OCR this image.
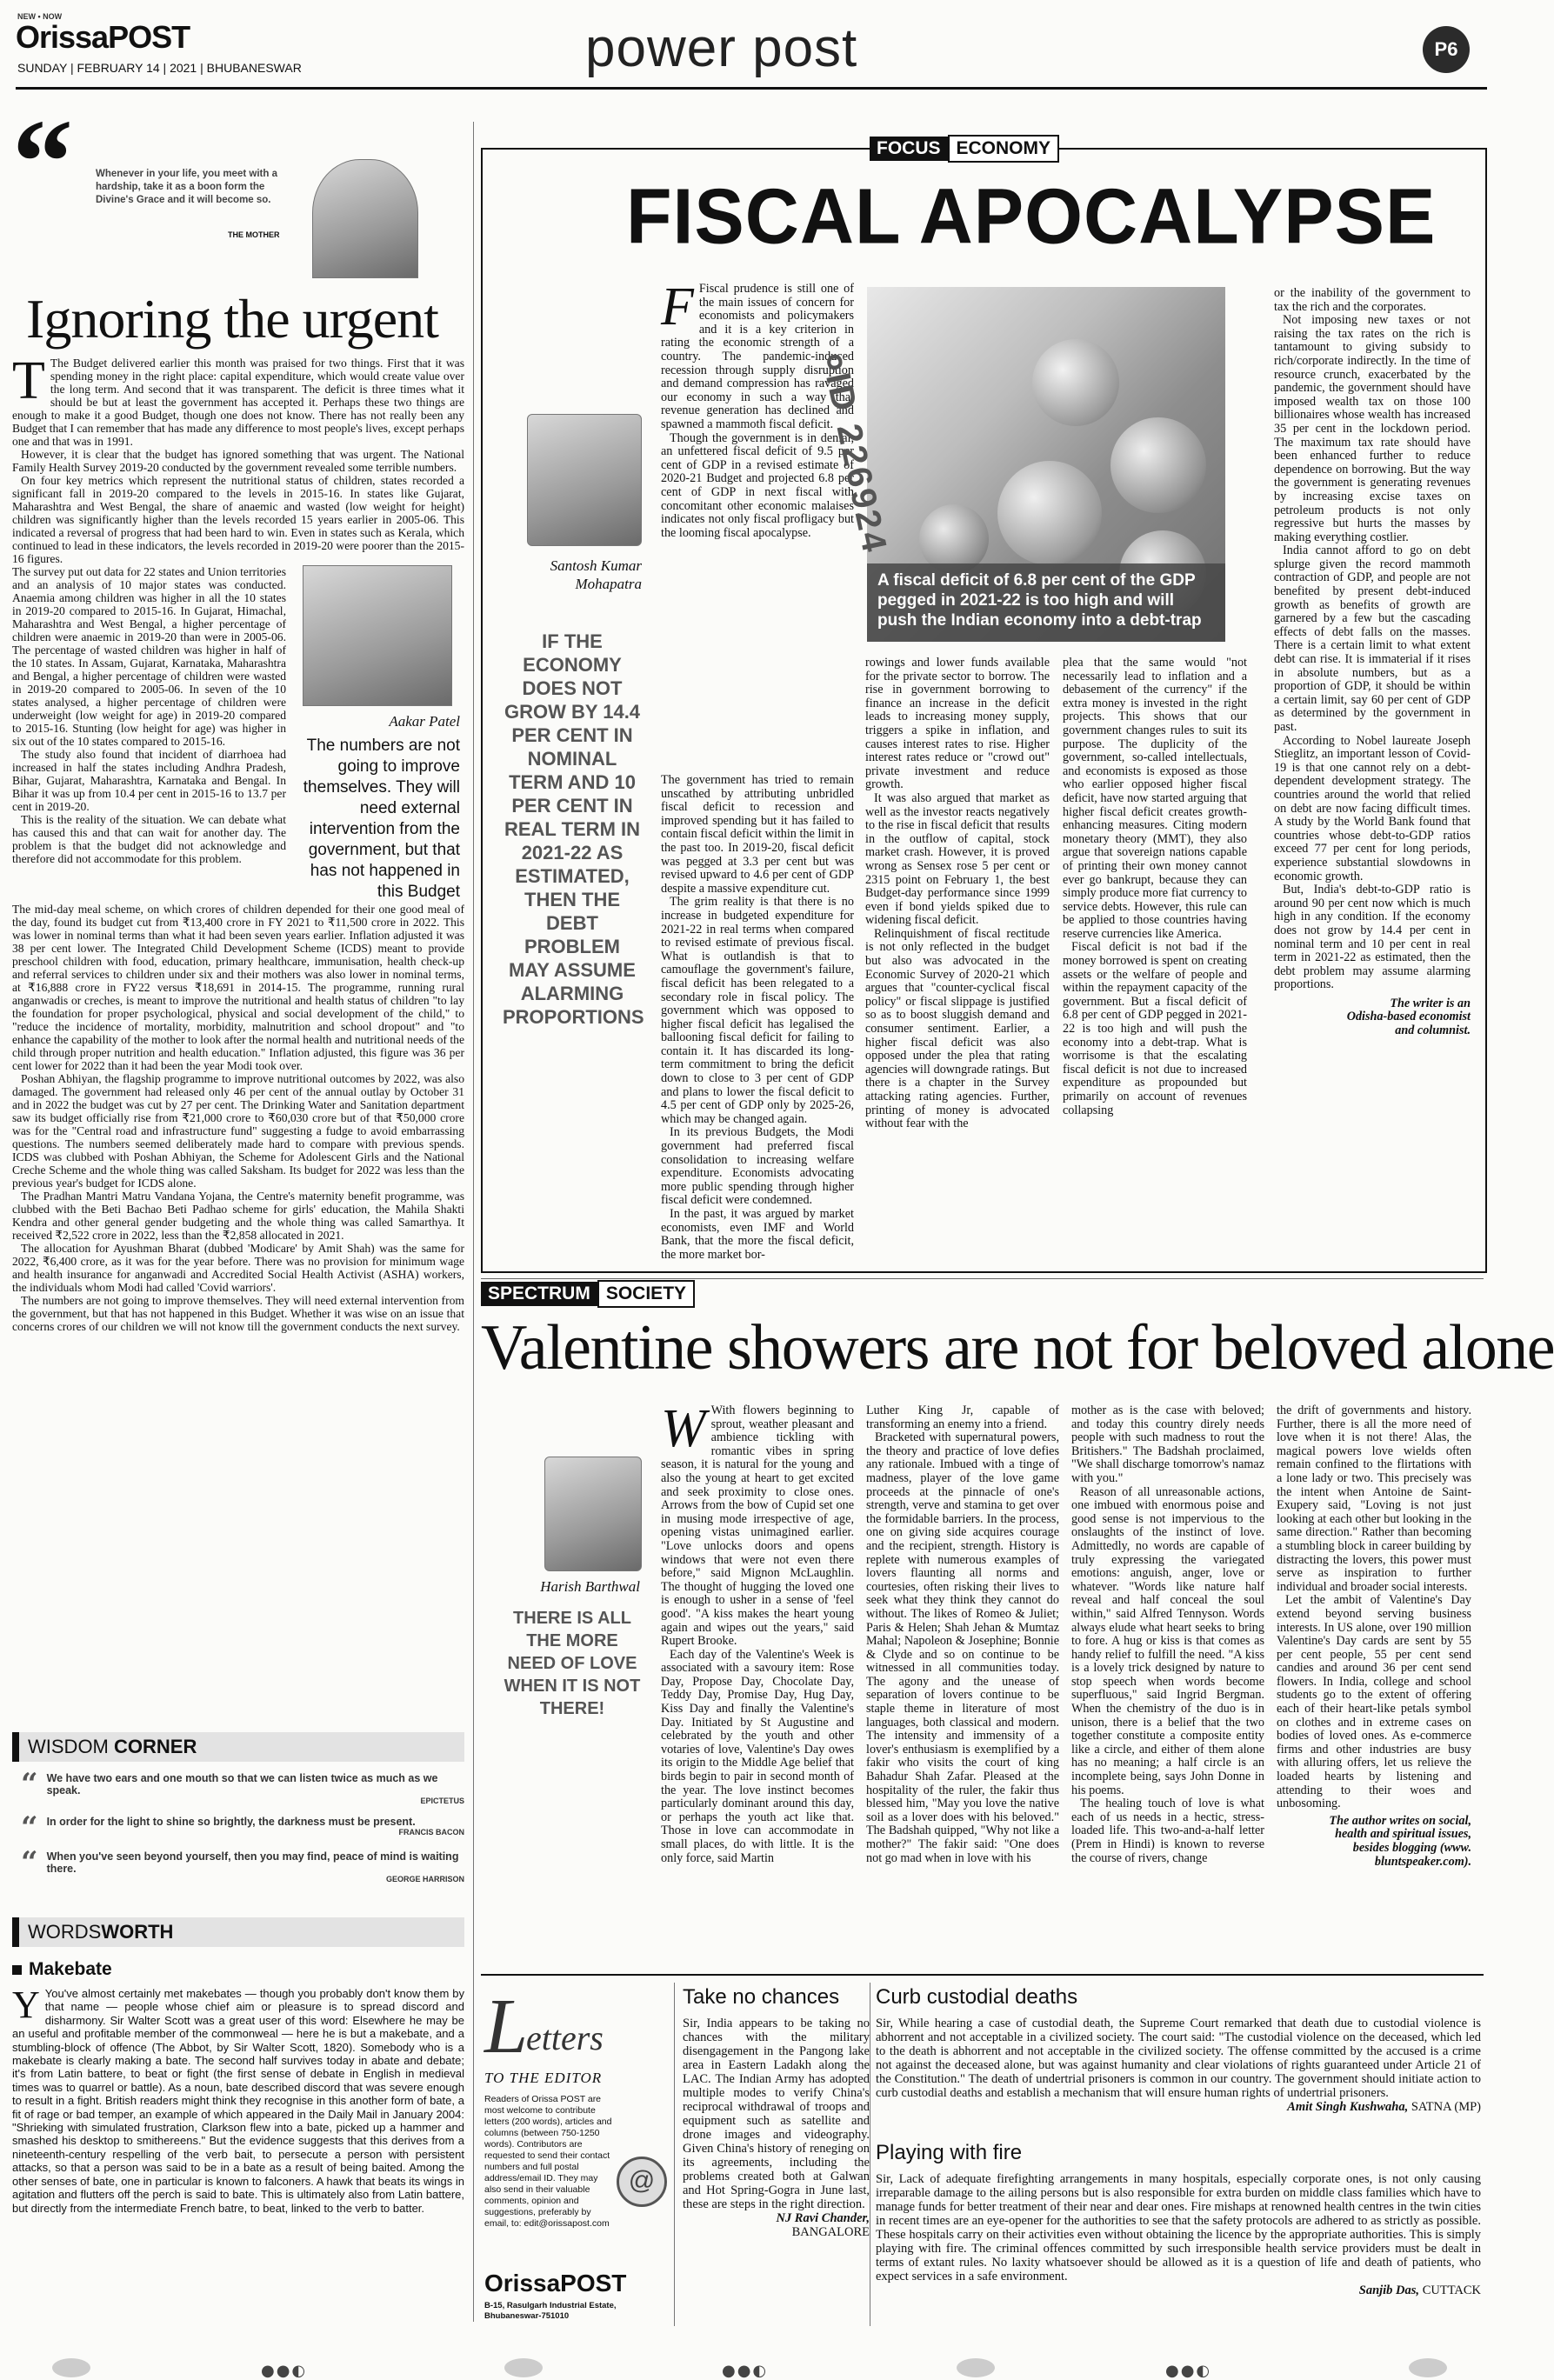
NEW • NOW
OrissaPOST
SUNDAY | FEBRUARY 14 | 2021 | BHUBANESWAR	power post	P6
“ Whenever in your life, you meet with a hardship, take it as a boon form the Divine's Grace and it will become so.
THE MOTHER
Ignoring the urgent

T The Budget delivered earlier this month was praised for two things. First that it was spending money in the right place: capital expenditure, which would create value over the long term. And second that it was transparent. The deficit is three times what it should be but at least the government has accepted it. Perhaps these two things are enough to make it a good Budget, though one does not know. There has not really been any Budget that I can remember that has made any difference to most people's lives, except perhaps one and that was in 1991.

However, it is clear that the budget has ignored something that was urgent. The National Family Health Survey 2019-20 conducted by the government revealed some terrible numbers.

On four key metrics which represent the nutritional status of children, states recorded a significant fall in 2019-20 compared to the levels in 2015-16. In states like Gujarat, Maharashtra and West Bengal, the share of anaemic and wasted (low weight for height) children was significantly higher than the levels recorded 15 years earlier in 2005-06. This indicated a reversal of progress that had been hard to win. Even in states such as Kerala, which continued to lead in these indicators, the levels recorded in 2019-20 were poorer than the 2015-16 figures.

The survey put out data for 22 states and Union territories and an analysis of 10 major states was conducted. Anaemia among children was higher in all the 10 states in 2019-20 compared to 2015-16. In Gujarat, Himachal, Maharashtra and West Bengal, a higher percentage of children were anaemic in 2019-20 than were in 2005-06. The percentage of wasted children was higher in half of the 10 states. In Assam, Gujarat, Karnataka, Maharashtra and Bengal, a higher percentage of children were wasted in 2019-20 compared to 2005-06. In seven of the 10 states analysed, a higher percentage of children were underweight (low weight for age) in 2019-20 compared to 2015-16. Stunting (low height for age) was higher in six out of the 10 states compared to 2015-16.

The study also found that incident of diarrhoea had increased in half the states including Andhra Pradesh, Bihar, Gujarat, Maharashtra, Karnataka and Bengal. In Bihar it was up from 10.4 per cent in 2015-16 to 13.7 per cent in 2019-20.

This is the reality of the situation. We can debate what has caused this and that can wait for another day. The problem is that the budget did not acknowledge and therefore did not accommodate for this problem.

Aakar Patel
The numbers are not going to improve themselves. They will need external intervention from the government, but that has not happened in this Budget

The mid-day meal scheme, on which crores of children depended for their one good meal of the day, found its budget cut from ₹13,400 crore in FY 2021 to ₹11,500 crore in 2022. This was lower in nominal terms than what it had been seven years earlier. Inflation adjusted it was 38 per cent lower. The Integrated Child Development Scheme (ICDS) meant to provide preschool children with food, education, primary healthcare, immunisation, health check-up and referral services to children under six and their mothers was also lower in nominal terms, at ₹16,888 crore in FY22 versus ₹18,691 in 2014-15. The programme, running rural anganwadis or creches, is meant to improve the nutritional and health status of children "to lay the foundation for proper psychological, physical and social development of the child," to "reduce the incidence of mortality, morbidity, malnutrition and school dropout" and "to enhance the capability of the mother to look after the normal health and nutritional needs of the child through proper nutrition and health education." Inflation adjusted, this figure was 36 per cent lower for 2022 than it had been the year Modi took over.

Poshan Abhiyan, the flagship programme to improve nutritional outcomes by 2022, was also damaged. The government had released only 46 per cent of the annual outlay by October 31 and in 2022 the budget was cut by 27 per cent. The Drinking Water and Sanitation department saw its budget officially rise from ₹21,000 crore to ₹60,030 crore but of that ₹50,000 crore was for the "Central road and infrastructure fund" suggesting a fudge to avoid embarrassing questions. The numbers seemed deliberately made hard to compare with previous spends. ICDS was clubbed with Poshan Abhiyan, the Scheme for Adolescent Girls and the National Creche Scheme and the whole thing was called Saksham. Its budget for 2022 was less than the previous year's budget for ICDS alone.

The Pradhan Mantri Matru Vandana Yojana, the Centre's maternity benefit programme, was clubbed with the Beti Bachao Beti Padhao scheme for girls' education, the Mahila Shakti Kendra and other general gender budgeting and the whole thing was called Samarthya. It received ₹2,522 crore in 2022, less than the ₹2,858 allocated in 2021.

The allocation for Ayushman Bharat (dubbed 'Modicare' by Amit Shah) was the same for 2022, ₹6,400 crore, as it was for the year before. There was no provision for minimum wage and health insurance for anganwadi and Accredited Social Health Activist (ASHA) workers, the individuals whom Modi had called 'Covid warriors'.

The numbers are not going to improve themselves. They will need external intervention from the government, but that has not happened in this Budget. Whether it was wise on an issue that concerns crores of our children we will not know till the government conducts the next survey.

WISDOM CORNER
“ We have two ears and one mouth so that we can listen twice as much as we speak.
EPICTETUS
“ In order for the light to shine so brightly, the darkness must be present.
FRANCIS BACON
“ When you've seen beyond yourself, then you may find, peace of mind is waiting there.
GEORGE HARRISON
WORDSWORTH
Makebate
Y You've almost certainly met makebates — though you probably don't know them by that name — people whose chief aim or pleasure is to spread discord and disharmony. Sir Walter Scott was a great user of this word: Elsewhere he may be an useful and profitable member of the commonweal — here he is but a makebate, and a stumbling-block of offence (The Abbot, by Sir Walter Scott, 1820). Somebody who is a makebate is clearly making a bate. The second half survives today in abate and debate; it's from Latin battere, to beat or fight (the first sense of debate in English in medieval times was to quarrel or battle). As a noun, bate described discord that was severe enough to result in a fight. British readers might think they recognise in this another form of bate, a fit of rage or bad temper, an example of which appeared in the Daily Mail in January 2004: "Shrieking with simulated frustration, Clarkson flew into a bate, picked up a hammer and smashed his desktop to smithereens." But the evidence suggests that this derives from a nineteenth-century respelling of the verb bait, to persecute a person with persistent attacks, so that a person was said to be in a bate as a result of being baited. Among the other senses of bate, one in particular is known to falconers. A hawk that beats its wings in agitation and flutters off the perch is said to bate. This is ultimately also from Latin battere, but directly from the intermediate French batre, to beat, linked to the verb to batter.
FOCUS ECONOMY
FISCAL APOCALYPSE
Santosh Kumar
Mohapatra
IF THE ECONOMY DOES NOT GROW BY 14.4 PER CENT IN NOMINAL TERM AND 10 PER CENT IN REAL TERM IN 2021-22 AS ESTIMATED, THEN THE DEBT PROBLEM MAY ASSUME ALARMING PROPORTIONS

F Fiscal prudence is still one of the main issues of concern for economists and policymakers and it is a key criterion in rating the economic strength of a country. The pandemic-induced recession through supply disruption and demand compression has ravaged our economy in such a way that revenue generation has declined and spawned a mammoth fiscal deficit.

Though the government is in denial, an unfettered fiscal deficit of 9.5 per cent of GDP in a revised estimate of 2020-21 Budget and projected 6.8 per cent of GDP in next fiscal with concomitant other economic malaises indicates not only fiscal profligacy but the looming fiscal apocalypse. ०ID 226924
A fiscal deficit of 6.8 per cent of the GDP pegged in 2021-22 is too high and will push the Indian economy into a debt-trap

or the inability of the government to tax the rich and the corporates.

Not imposing new taxes or not raising the tax rates on the rich is tantamount to giving subsidy to rich/corporate indirectly. In the time of resource crunch, exacerbated by the pandemic, the government should have imposed wealth tax on those 100 billionaires whose wealth has increased 35 per cent in the lockdown period. The maximum tax rate should have been enhanced further to reduce dependence on borrowing. But the way the government is generating revenues by increasing excise taxes on petroleum products is not only regressive but hurts the masses by making everything costlier.

India cannot afford to go on debt splurge given the record mammoth contraction of GDP, and people are not benefited by present debt-induced growth as benefits of growth are garnered by a few but the cascading effects of debt falls on the masses. There is a certain limit to what extent debt can rise. It is immaterial if it rises in absolute numbers, but as a proportion of GDP, it should be within a certain limit, say 60 per cent of GDP as determined by the government in past.

According to Nobel laureate Joseph Stieglitz, an important lesson of Covid-19 is that one cannot rely on a debt-dependent development strategy. The countries around the world that relied on debt are now facing difficult times. A study by the World Bank found that countries whose debt-to-GDP ratios exceed 77 per cent for long periods, experience substantial slowdowns in economic growth.

But, India's debt-to-GDP ratio is around 90 per cent now which is much high in any condition. If the economy does not grow by 14.4 per cent in nominal term and 10 per cent in real term in 2021-22 as estimated, then the debt problem may assume alarming proportions.

The writer is an
Odisha-based economist
and columnist.

The government has tried to remain unscathed by attributing unbridled fiscal deficit to recession and improved spending but it has failed to contain fiscal deficit within the limit in the past too. In 2019-20, fiscal deficit was pegged at 3.3 per cent but was revised upward to 4.6 per cent of GDP despite a massive expenditure cut.

The grim reality is that there is no increase in budgeted expenditure for 2021-22 in real terms when compared to revised estimate of previous fiscal. What is outlandish is that to camouflage the government's failure, fiscal deficit has been relegated to a secondary role in fiscal policy. The government which was opposed to higher fiscal deficit has legalised the ballooning fiscal deficit for failing to contain it. It has discarded its long-term commitment to bring the deficit down to close to 3 per cent of GDP and plans to lower the fiscal deficit to 4.5 per cent of GDP only by 2025-26, which may be changed again.

In its previous Budgets, the Modi government had preferred fiscal consolidation to increasing welfare expenditure. Economists advocating more public spending through higher fiscal deficit were condemned.

In the past, it was argued by market economists, even IMF and World Bank, that the more the fiscal deficit, the more market bor-

rowings and lower funds available for the private sector to borrow. The rise in government borrowing to finance an increase in the deficit leads to increasing money supply, triggers a spike in inflation, and causes interest rates to rise. Higher interest rates reduce or "crowd out" private investment and reduce growth.

It was also argued that market as well as the investor reacts negatively to the rise in fiscal deficit that results in the outflow of capital, stock market crash. However, it is proved wrong as Sensex rose 5 per cent or 2315 point on February 1, the best Budget-day performance since 1999 even if bond yields spiked due to widening fiscal deficit.

Relinquishment of fiscal rectitude is not only reflected in the budget but also was advocated in the Economic Survey of 2020-21 which argues that "counter-cyclical fiscal policy" or fiscal slippage is justified so as to boost sluggish demand and consumer sentiment. Earlier, a higher fiscal deficit was also opposed under the plea that rating agencies will downgrade ratings. But there is a chapter in the Survey attacking rating agencies. Further, printing of money is advocated without fear with the

plea that the same would "not necessarily lead to inflation and a debasement of the currency" if the extra money is invested in the right projects. This shows that our government changes rules to suit its purpose. The duplicity of the government, so-called intellectuals, and economists is exposed as those who earlier opposed higher fiscal deficit, have now started arguing that higher fiscal deficit creates growth-enhancing measures. Citing modern monetary theory (MMT), they also argue that sovereign nations capable of printing their own money cannot ever go bankrupt, because they can simply produce more fiat currency to service debts. However, this rule can be applied to those countries having reserve currencies like America.

Fiscal deficit is not bad if the money borrowed is spent on creating assets or the welfare of people and within the repayment capacity of the government. But a fiscal deficit of 6.8 per cent of GDP pegged in 2021-22 is too high and will push the economy into a debt-trap. What is worrisome is that the escalating fiscal deficit is not due to increased expenditure as propounded but primarily on account of revenues collapsing

SPECTRUM SOCIETY
Valentine showers are not for beloved alone
Harish Barthwal
THERE IS ALL THE MORE NEED OF LOVE WHEN IT IS NOT THERE!

W With flowers beginning to sprout, weather pleasant and ambience tickling with romantic vibes in spring season, it is natural for the young and also the young at heart to get excited and seek proximity to close ones. Arrows from the bow of Cupid set one in musing mode irrespective of age, opening vistas unimagined earlier. "Love unlocks doors and opens windows that were not even there before," said Mignon McLaughlin. The thought of hugging the loved one is enough to usher in a sense of 'feel good'. "A kiss makes the heart young again and wipes out the years," said Rupert Brooke.

Each day of the Valentine's Week is associated with a savoury item: Rose Day, Propose Day, Chocolate Day, Teddy Day, Promise Day, Hug Day, Kiss Day and finally the Valentine's Day. Initiated by St Augustine and celebrated by the youth and other votaries of love, Valentine's Day owes its origin to the Middle Age belief that birds begin to pair in second month of the year. The love instinct becomes particularly dominant around this day, or perhaps the youth act like that. Those in love can accommodate in small places, do with little. It is the only force, said Martin

Luther King Jr, capable of transforming an enemy into a friend.

Bracketed with supernatural powers, the theory and practice of love defies any rationale. Imbued with a tinge of madness, player of the love game proceeds at the pinnacle of one's strength, verve and stamina to get over the formidable barriers. In the process, one on giving side acquires courage and the recipient, strength. History is replete with numerous examples of lovers flaunting all norms and courtesies, often risking their lives to seek what they think they cannot do without. The likes of Romeo & Juliet; Paris & Helen; Shah Jehan & Mumtaz Mahal; Napoleon & Josephine; Bonnie & Clyde and so on continue to be witnessed in all communities today. The agony and the unease of separation of lovers continue to be staple theme in literature of most languages, both classical and modern. The intensity and immensity of a lover's enthusiasm is exemplified by a fakir who visits the court of king Bahadur Shah Zafar. Pleased at the hospitality of the ruler, the fakir thus blessed him, "May you love the native soil as a lover does with his beloved." The Badshah quipped, "Why not like a mother?" The fakir said: "One does not go mad when in love with his

mother as is the case with beloved; and today this country direly needs people with such madness to rout the Britishers." The Badshah proclaimed, "We shall discharge tomorrow's namaz with you."

Reason of all unreasonable actions, one imbued with enormous poise and good sense is not impervious to the onslaughts of the instinct of love. Admittedly, no words are capable of truly expressing the variegated emotions: anguish, anger, love or whatever. "Words like nature half reveal and half conceal the soul within," said Alfred Tennyson. Words always elude what heart seeks to bring to fore. A hug or kiss is that comes as handy relief to fulfill the need. "A kiss is a lovely trick designed by nature to stop speech when words become superfluous," said Ingrid Bergman. When the chemistry of the duo is in unison, there is a belief that the two together constitute a composite entity like a circle, and either of them alone has no meaning; a half circle is an incomplete being, says John Donne in his poems.

The healing touch of love is what each of us needs in a hectic, stress-loaded life. This two-and-a-half letter (Prem in Hindi) is known to reverse the course of rivers, change

the drift of governments and history. Further, there is all the more need of love when it is not there! Alas, the magical powers love wields often remain confined to the flirtations with a lone lady or two. This precisely was the intent when Antoine de Saint-Exupery said, "Loving is not just looking at each other but looking in the same direction." Rather than becoming a stumbling block in career building by distracting the lovers, this power must serve as inspiration to further individual and broader social interests.

Let the ambit of Valentine's Day extend beyond serving business interests. In US alone, over 190 million Valentine's Day cards are sent by 55 per cent people, 55 per cent send candies and around 36 per cent send flowers. In India, college and school students go to the extent of offering each of their heart-like petals symbol on clothes and in extreme cases on bodies of loved ones. As e-commerce firms and other industries are busy with alluring offers, let us relieve the loaded hearts by listening and attending to their woes and unbosoming.

The author writes on social,
health and spiritual issues,
besides blogging (www.
bluntspeaker.com).
L
etters
TO THE EDITOR
Readers of Orissa POST are most welcome to contribute letters (200 words), articles and columns (between 750-1250 words). Contributors are requested to send their contact numbers and full postal address/email ID. They may also send in their valuable comments, opinion and suggestions, preferably by email, to: edit@orissapost.com
@
OrissaPOST
B-15, Rasulgarh Industrial Estate, Bhubaneswar-751010
Take no chances
Sir, India appears to be taking no chances with the military disengagement in the Pangong lake area in Eastern Ladakh along the LAC. The Indian Army has adopted multiple modes to verify China's reciprocal withdrawal of troops and equipment such as satellite and drone images and videography. Given China's history of reneging on its agreements, including the problems created both at Galwan and Hot Spring-Gogra in June last, these are steps in the right direction.
NJ Ravi Chander,
BANGALORE
Curb custodial deaths
Sir, While hearing a case of custodial death, the Supreme Court remarked that death due to custodial violence is abhorrent and not acceptable in a civilized society. The court said: "The custodial violence on the deceased, which led to the death is abhorrent and not acceptable in the civilized society. The offense committed by the accused is a crime not against the deceased alone, but was against humanity and clear violations of rights guaranteed under Article 21 of the Constitution." The death of undertrial prisoners is common in our country. The government should initiate action to curb custodial deaths and establish a mechanism that will ensure human rights of undertrial prisoners.
Amit Singh Kushwaha, SATNA (MP)
Playing with fire
Sir, Lack of adequate firefighting arrangements in many hospitals, especially corporate ones, is not only causing irreparable damage to the ailing persons but is also responsible for extra burden on middle class families which have to manage funds for better treatment of their near and dear ones. Fire mishaps at renowned health centres in the twin cities in recent times are an eye-opener for the authorities to see that the safety protocols are adhered to as strictly as possible. These hospitals carry on their activities even without obtaining the licence by the appropriate authorities. This is simply playing with fire. The criminal offences committed by such irresponsible health service providers must be dealt in terms of extant rules. No laxity whatsoever should be allowed as it is a question of life and death of patients, who expect services in a safe environment.
Sanjib Das, CUTTACK
●●◐	●●◐	●●◐
